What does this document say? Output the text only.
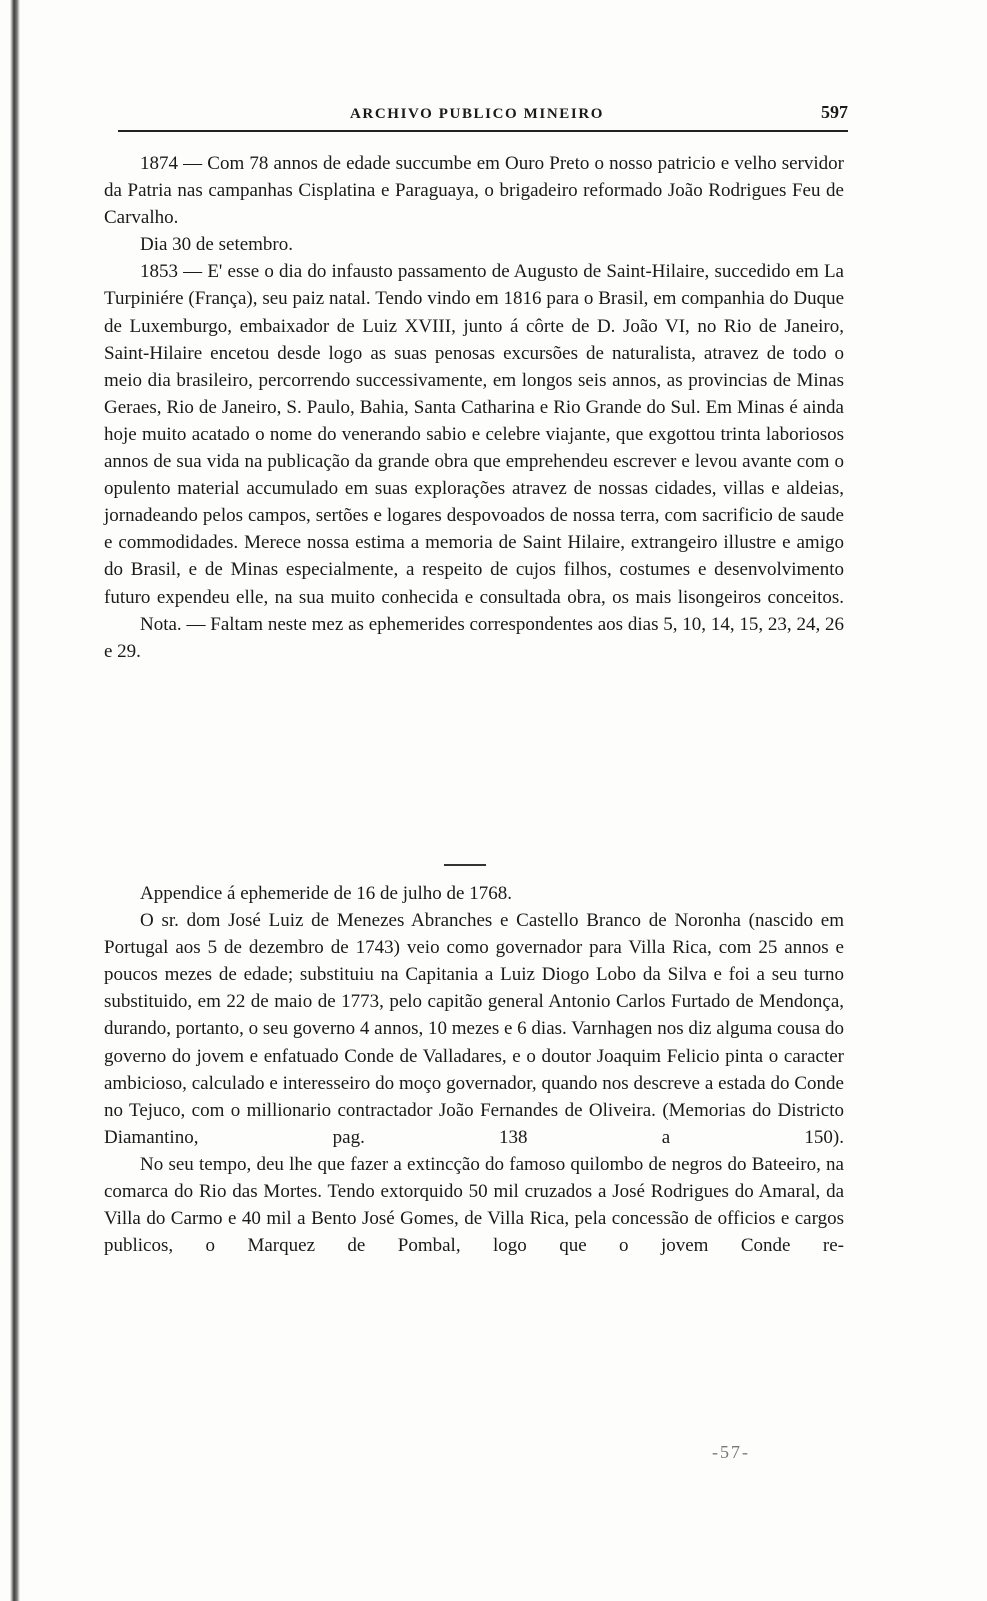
ARCHIVO PUBLICO MINEIRO	597

1874 — Com 78 annos de edade succumbe em Ouro Preto o nosso patricio e velho servidor da Patria nas campanhas Cisplatina e Paraguaya, o brigadeiro reformado João Rodrigues Feu de Carvalho.

Dia 30 de setembro.

1853 — E' esse o dia do infausto passamento de Augusto de Saint-Hilaire, succedido em La Turpiniére (França), seu paiz natal. Tendo vindo em 1816 para o Brasil, em companhia do Duque de Luxemburgo, embaixador de Luiz XVIII, junto á côrte de D. João VI, no Rio de Janeiro, Saint-Hilaire encetou desde logo as suas penosas excursões de naturalista, atravez de todo o meio dia brasileiro, percorrendo successivamente, em longos seis annos, as provincias de Minas Geraes, Rio de Janeiro, S. Paulo, Bahia, Santa Catharina e Rio Grande do Sul. Em Minas é ainda hoje muito acatado o nome do venerando sabio e celebre viajante, que exgottou trinta laboriosos annos de sua vida na publicação da grande obra que emprehendeu escrever e levou avante com o opulento material accumulado em suas explorações atravez de nossas cidades, villas e aldeias, jornadeando pelos campos, sertões e logares despovoados de nossa terra, com sacrificio de saude e commodidades. Merece nossa estima a memoria de Saint Hilaire, extrangeiro illustre e amigo do Brasil, e de Minas especialmente, a respeito de cujos filhos, costumes e desenvolvimento futuro expendeu elle, na sua muito conhecida e consultada obra, os mais lisongeiros conceitos.

Nota. — Faltam neste mez as ephemerides correspondentes aos dias 5, 10, 14, 15, 23, 24, 26 e 29.

Appendice á ephemeride de 16 de julho de 1768.

O sr. dom José Luiz de Menezes Abranches e Castello Branco de Noronha (nascido em Portugal aos 5 de dezembro de 1743) veio como governador para Villa Rica, com 25 annos e poucos mezes de edade; substituiu na Capitania a Luiz Diogo Lobo da Silva e foi a seu turno substituido, em 22 de maio de 1773, pelo capitão general Antonio Carlos Furtado de Mendonça, durando, portanto, o seu governo 4 annos, 10 mezes e 6 dias. Varnhagen nos diz alguma cousa do governo do jovem e enfatuado Conde de Valladares, e o doutor Joaquim Felicio pinta o caracter ambicioso, calculado e interesseiro do moço governador, quando nos descreve a estada do Conde no Tejuco, com o millionario contractador João Fernandes de Oliveira. (Memorias do Districto Diamantino, pag. 138 a 150).

No seu tempo, deu lhe que fazer a extincção do famoso quilombo de negros do Bateeiro, na comarca do Rio das Mortes. Tendo extorquido 50 mil cruzados a José Rodrigues do Amaral, da Villa do Carmo e 40 mil a Bento José Gomes, de Villa Rica, pela concessão de officios e cargos publicos, o Marquez de Pombal, logo que o jovem Conde re-

-57-
